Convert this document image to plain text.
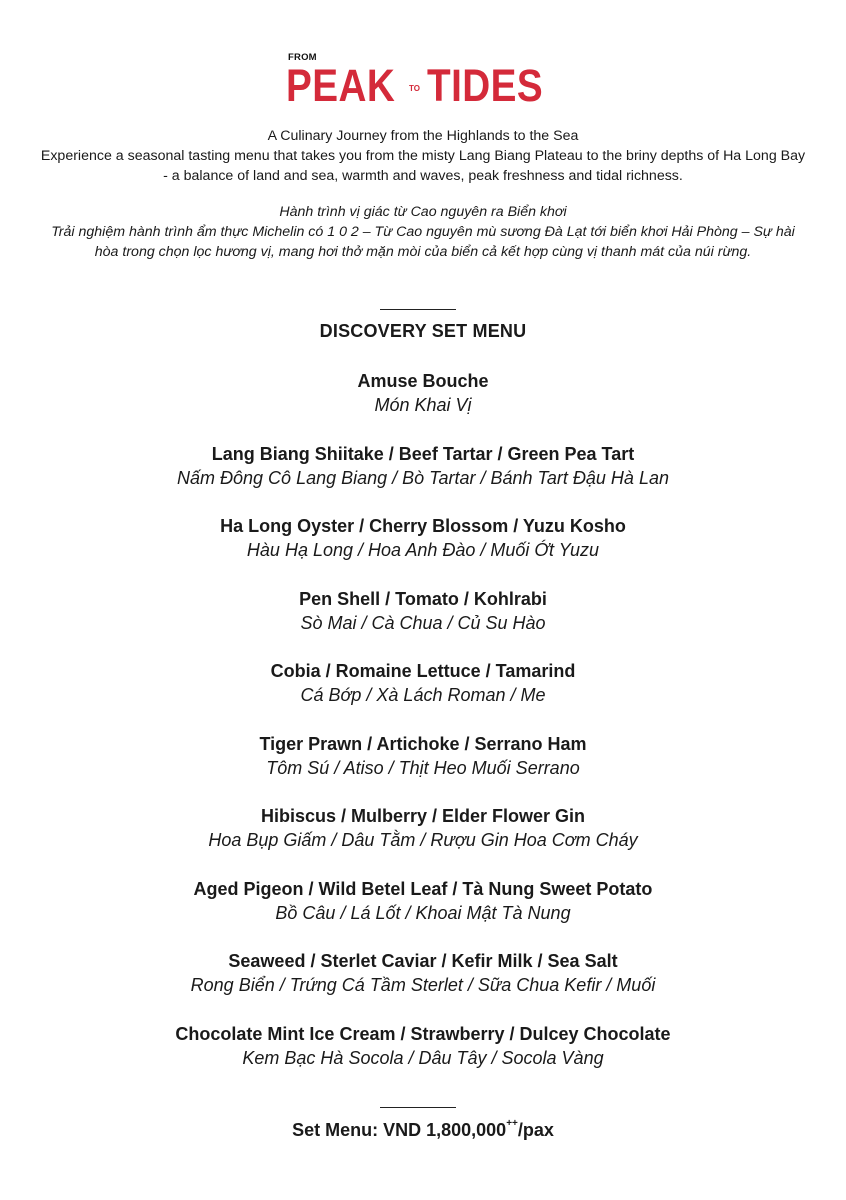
FROM
PEAK TO TIDES
A Culinary Journey from the Highlands to the Sea
Experience a seasonal tasting menu that takes you from the misty Lang Biang Plateau to the briny depths of Ha Long Bay - a balance of land and sea, warmth and waves, peak freshness and tidal richness.
Hành trình vị giác từ Cao nguyên ra Biển khơi
Trải nghiệm hành trình ẩm thực Michelin có 1 0 2 – Từ Cao nguyên mù sương Đà Lạt tới biển khơi Hải Phòng – Sự hài hòa trong chọn lọc hương vị, mang hơi thở mặn mòi của biển cả kết hợp cùng vị thanh mát của núi rừng.
DISCOVERY SET MENU
Amuse Bouche
Món Khai Vị
Lang Biang Shiitake / Beef Tartar / Green Pea Tart
Nấm Đông Cô Lang Biang / Bò Tartar / Bánh Tart Đậu Hà Lan
Ha Long Oyster / Cherry Blossom / Yuzu Kosho
Hàu Hạ Long / Hoa Anh Đào / Muối Ớt Yuzu
Pen Shell / Tomato / Kohlrabi
Sò Mai / Cà Chua / Củ Su Hào
Cobia / Romaine Lettuce / Tamarind
Cá Bớp / Xà Lách Roman / Me
Tiger Prawn / Artichoke / Serrano Ham
Tôm Sú / Atiso / Thịt Heo Muối Serrano
Hibiscus / Mulberry / Elder Flower Gin
Hoa Bụp Giấm / Dâu Tằm / Rượu Gin Hoa Cơm Cháy
Aged Pigeon / Wild Betel Leaf / Tà Nung Sweet Potato
Bồ Câu / Lá Lốt / Khoai Mật Tà Nung
Seaweed / Sterlet Caviar / Kefir Milk / Sea Salt
Rong Biển / Trứng Cá Tầm Sterlet / Sữa Chua Kefir / Muối
Chocolate Mint Ice Cream / Strawberry / Dulcey Chocolate
Kem Bạc Hà Socola / Dâu Tây / Socola Vàng
Set Menu: VND 1,800,000++/pax
